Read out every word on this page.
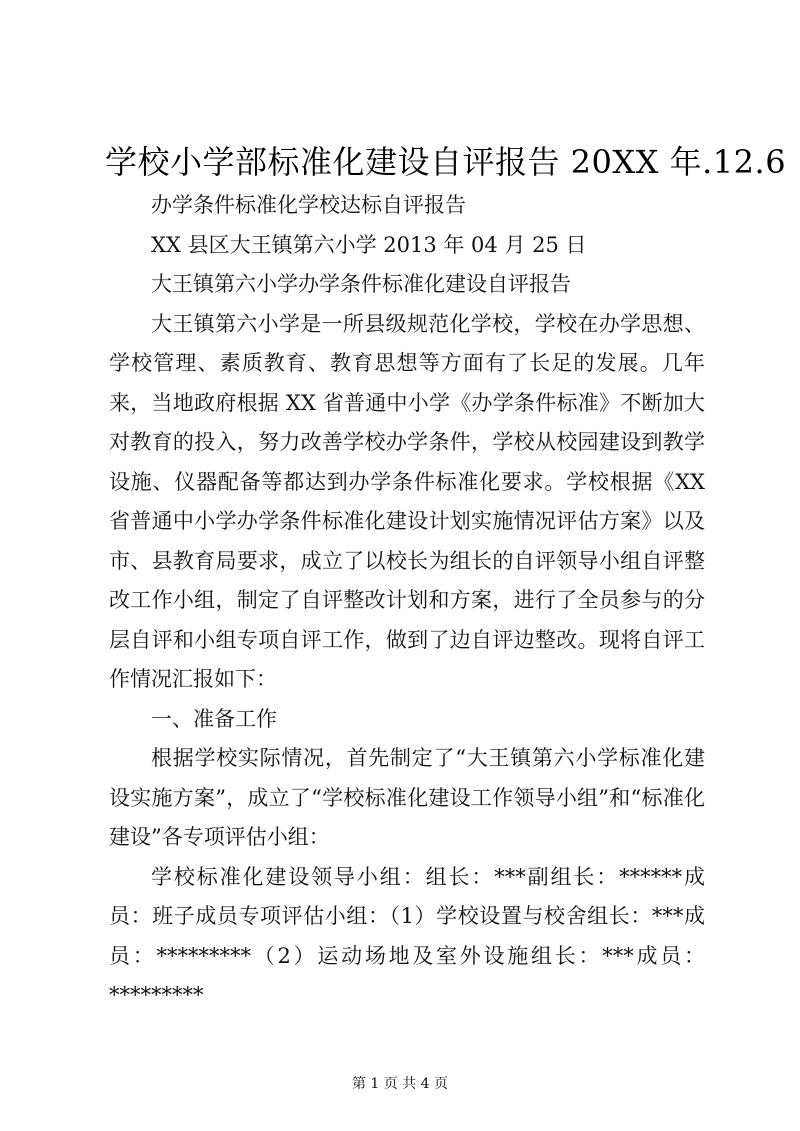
学校小学部标准化建设自评报告 20XX 年.12.6

办学条件标准化学校达标自评报告

XX 县区大王镇第六小学 2013 年 04 月 25 日

大王镇第六小学办学条件标准化建设自评报告

大王镇第六小学是一所县级规范化学校，学校在办学思想、学校管理、素质教育、教育思想等方面有了长足的发展。几年来，当地政府根据 XX 省普通中小学《办学条件标准》不断加大对教育的投入，努力改善学校办学条件，学校从校园建设到教学设施、仪器配备等都达到办学条件标准化要求。学校根据《XX 省普通中小学办学条件标准化建设计划实施情况评估方案》以及市、县教育局要求，成立了以校长为组长的自评领导小组自评整改工作小组，制定了自评整改计划和方案，进行了全员参与的分层自评和小组专项自评工作，做到了边自评边整改。现将自评工作情况汇报如下：

一、准备工作

根据学校实际情况，首先制定了“大王镇第六小学标准化建设实施方案”，成立了“学校标准化建设工作领导小组”和“标准化建设”各专项评估小组：

学校标准化建设领导小组：组长：***副组长：******成员：班子成员专项评估小组：（1）学校设置与校舍组长：***成员：*********（2）运动场地及室外设施组长：***成员：*********

第 1 页 共 4 页
